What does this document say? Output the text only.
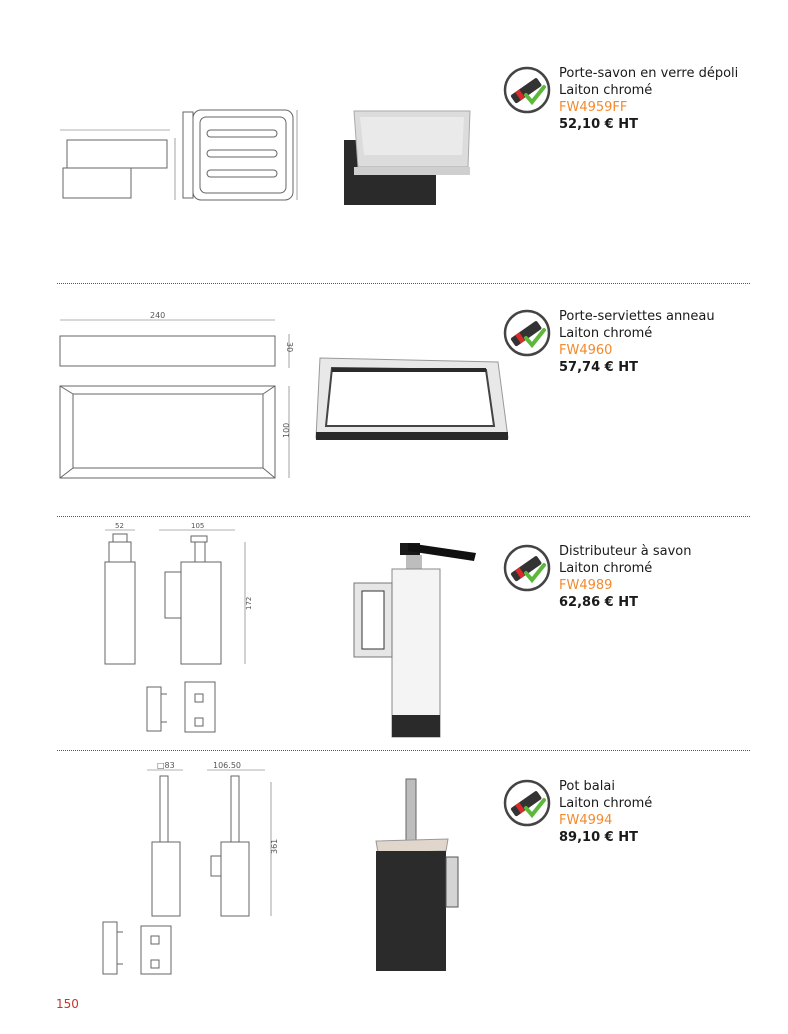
Porte-savon en verre dépoli
Laiton chromé
FW4959FF
52,10 € HT
240
30
100
Porte-serviettes anneau
Laiton chromé
FW4960
57,74 € HT
52	105
172
Distributeur à savon
Laiton chromé
FW4989
62,86 € HT
□83	106.50
361
Pot balai
Laiton chromé
FW4994
89,10 € HT
150
